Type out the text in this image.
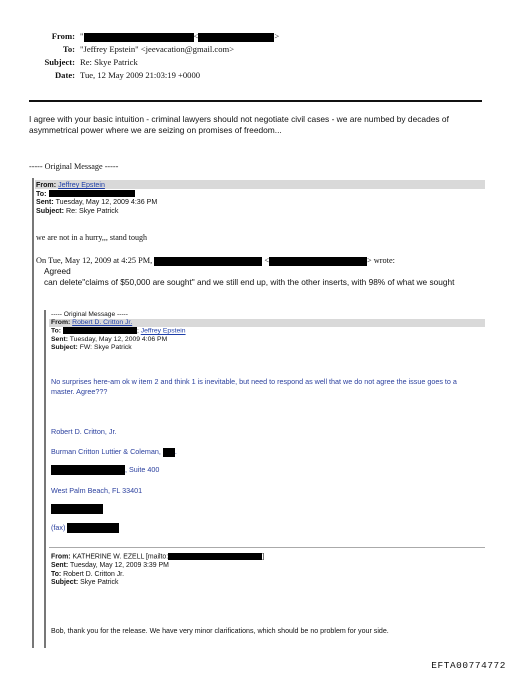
From: "	<	>
To: "Jeffrey Epstein" <jeevacation@gmail.com>
Subject: Re: Skye Patrick
Date: Tue, 12 May 2009 21:03:19 +0000
I agree with your basic intuition - criminal lawyers should not negotiate civil cases - we are numbed by decades of asymmetrical power where we are seizing on promises of freedom...
----- Original Message -----
From: Jeffrey Epstein
To:
Sent: Tuesday, May 12, 2009 4:36 PM
Subject: Re: Skye Patrick
we are not in a hurry,,, stand tough
On Tue, May 12, 2009 at 4:25 PM,	<	> wrote:
Agreed
can delete"claims of $50,000 are sought" and we still end up, with the other inserts, with 98% of what we sought
----- Original Message -----
From: Robert D. Critton Jr.
To:	; Jeffrey Epstein
Sent: Tuesday, May 12, 2009 4:06 PM
Subject: FW: Skye Patrick
No surprises here-am ok w item 2 and think 1 is inevitable, but need to respond as well that we do not agree the issue goes to a master. Agree???
Robert D. Critton, Jr.
Burman Critton Luttier & Coleman, .
, Suite 400
West Palm Beach, FL 33401
(fax)
From: KATHERINE W. EZELL [mailto:	]
Sent: Tuesday, May 12, 2009 3:39 PM
To: Robert D. Critton Jr.
Subject: Skye Patrick
Bob, thank you for the release. We have very minor clarifications, which should be no problem for your side.
EFTA00774772
